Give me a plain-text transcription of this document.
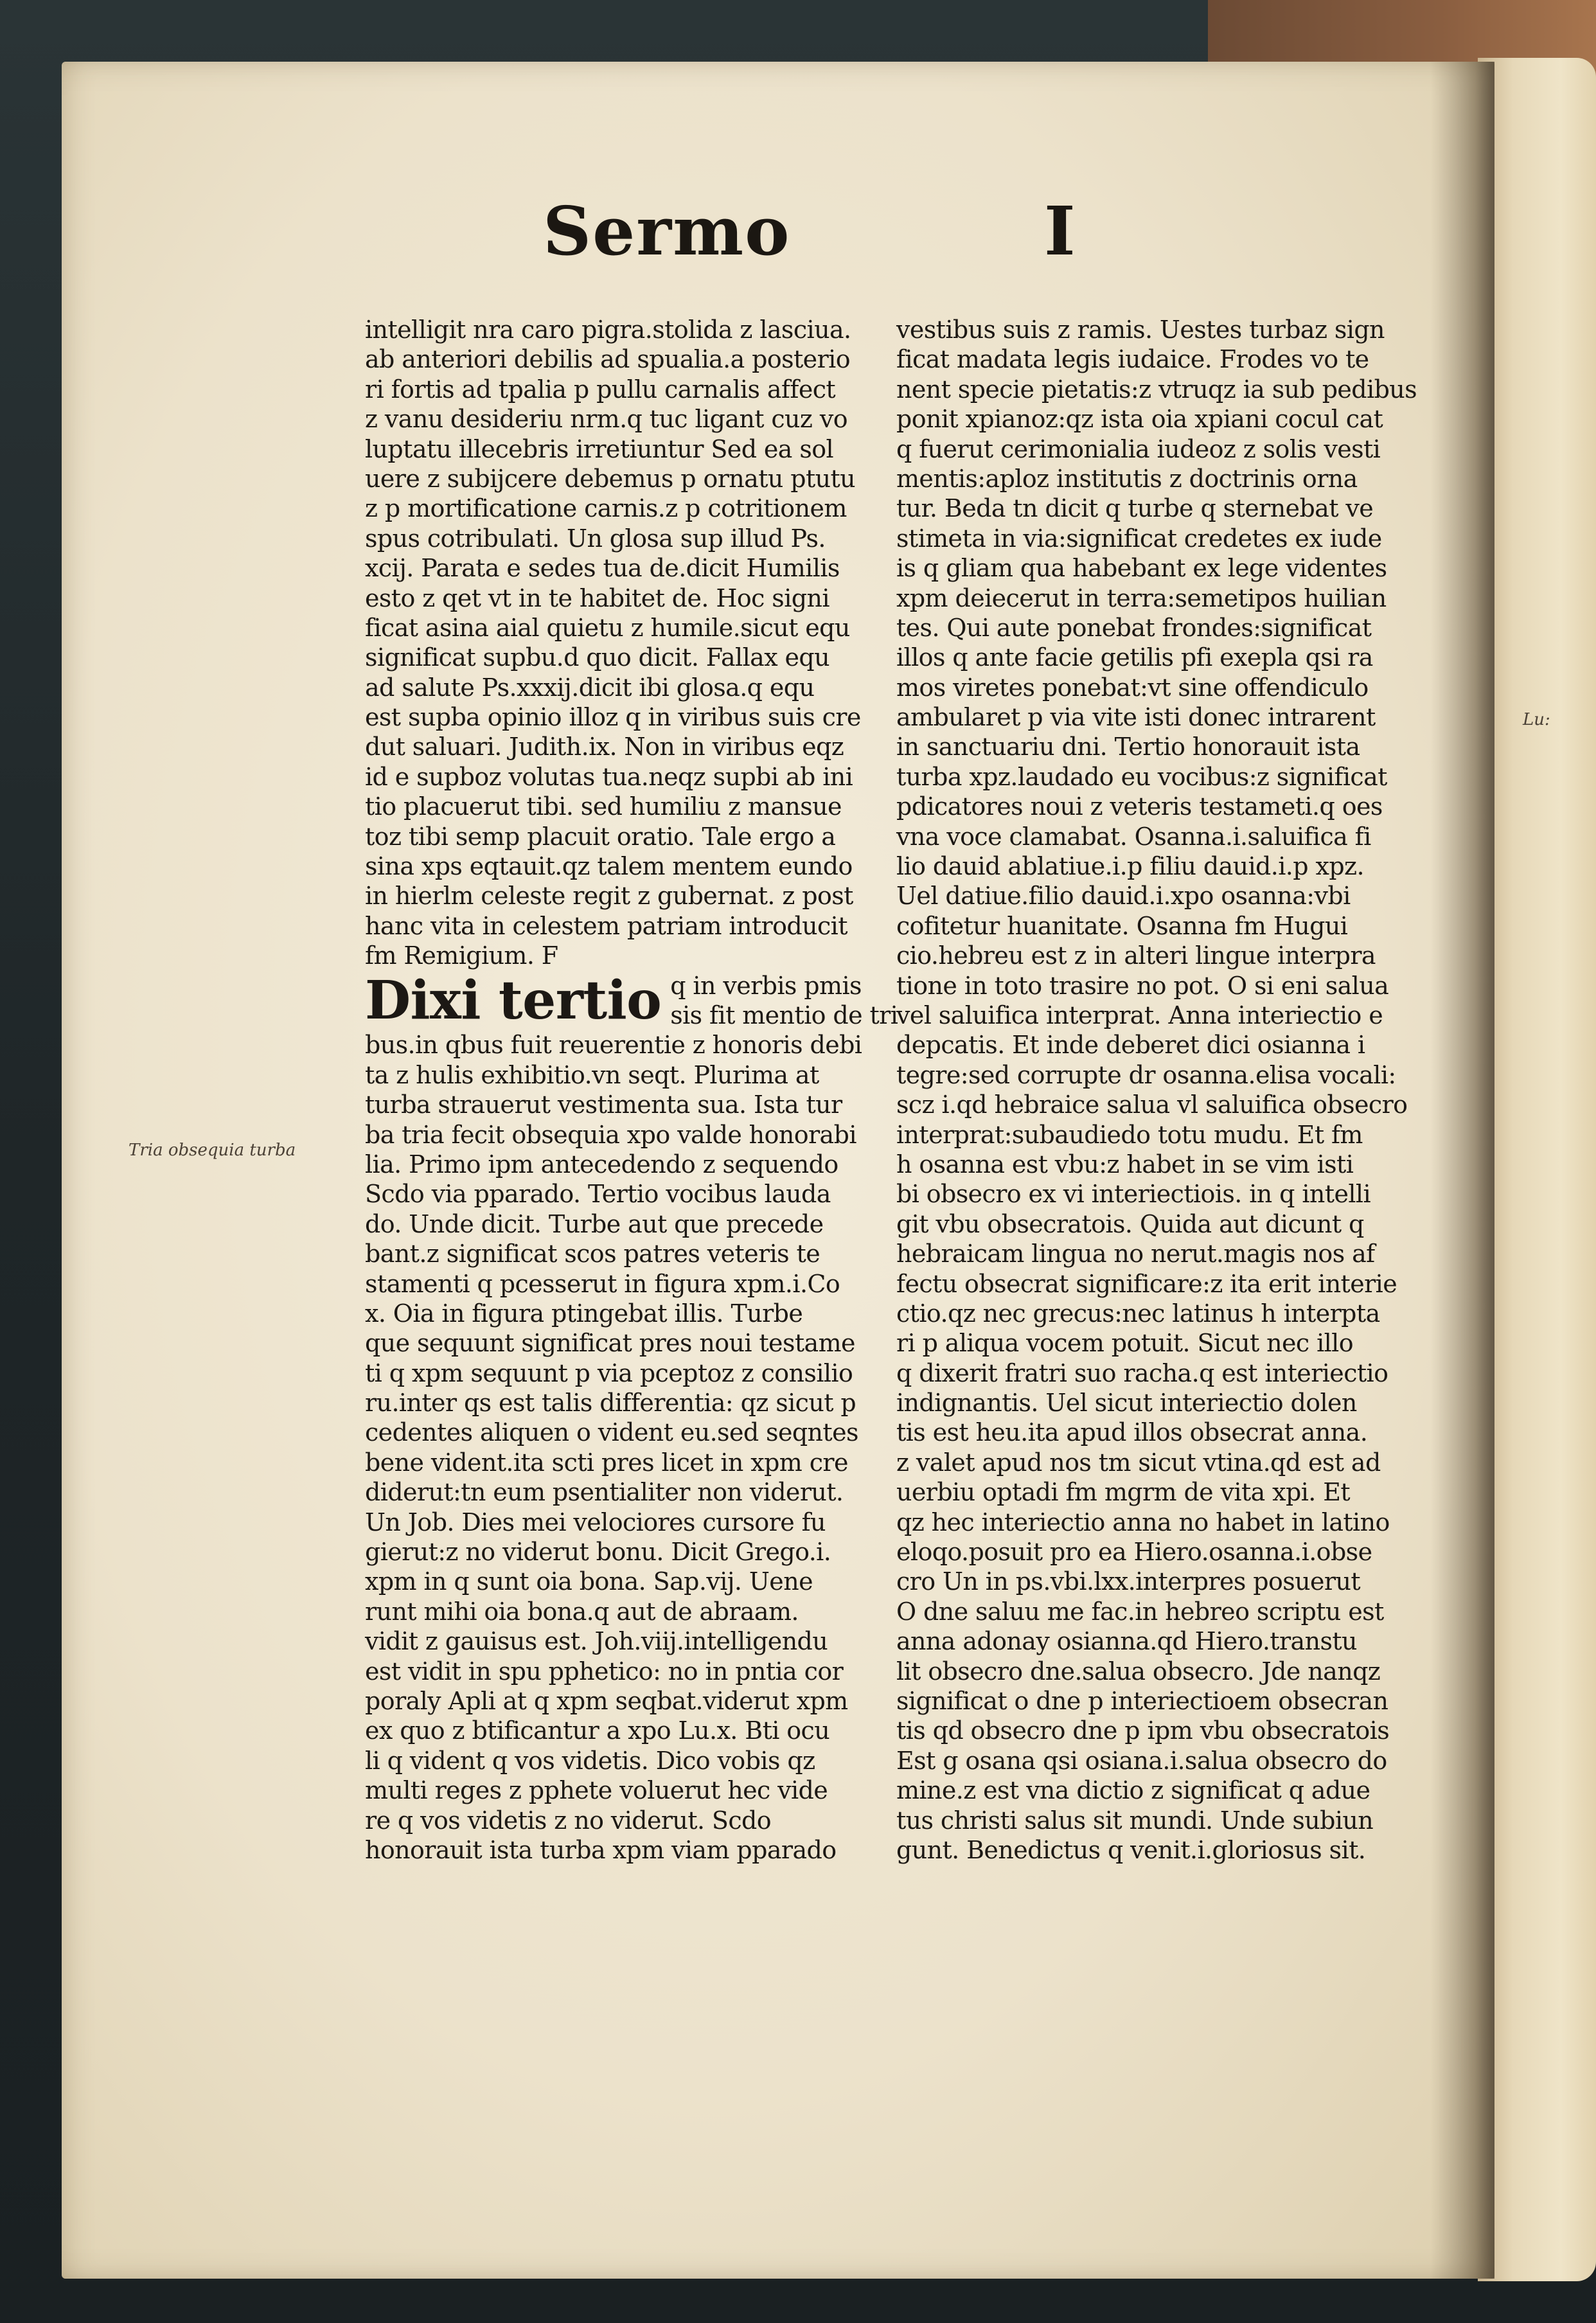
Sermo	I
Tria obsequia turba
Lu:
intelligit nra caro pigra.stolida z lasciua.
ab anteriori debilis ad spualia.a posterio
ri fortis ad tpalia p pullu carnalis affect
z vanu desideriu nrm.q tuc ligant cuz vo
luptatu illecebris irretiuntur Sed ea sol
uere z subijcere debemus p ornatu ptutu
z p mortificatione carnis.z p cotritionem
spus cotribulati. Un glosa sup illud Ps.
xcij. Parata e sedes tua de.dicit Humilis
esto z qet vt in te habitet de. Hoc signi
ficat asina aial quietu z humile.sicut equ
significat supbu.d quo dicit. Fallax equ
ad salute Ps.xxxij.dicit ibi glosa.q equ
est supba opinio illoz q in viribus suis cre
dut saluari. Judith.ix. Non in viribus eqz
id e supboz volutas tua.neqz supbi ab ini
tio placuerut tibi. sed humiliu z mansue
toz tibi semp placuit oratio. Tale ergo a
sina xps eqtauit.qz talem mentem eundo
in hierlm celeste regit z gubernat. z post
hanc vita in celestem patriam introducit
fm Remigium. F
Dixi tertio q in verbis pmis
sis fit mentio de tri
bus.in qbus fuit reuerentie z honoris debi
ta z hulis exhibitio.vn seqt. Plurima at
turba strauerut vestimenta sua. Ista tur
ba tria fecit obsequia xpo valde honorabi
lia. Primo ipm antecedendo z sequendo
Scdo via pparado. Tertio vocibus lauda
do. Unde dicit. Turbe aut que precede
bant.z significat scos patres veteris te
stamenti q pcesserut in figura xpm.i.Co
x. Oia in figura ptingebat illis. Turbe
que sequunt significat pres noui testame
ti q xpm sequunt p via pceptoz z consilio
ru.inter qs est talis differentia: qz sicut p
cedentes aliquen o vident eu.sed seqntes
bene vident.ita scti pres licet in xpm cre
diderut:tn eum psentialiter non viderut.
Un Job. Dies mei velociores cursore fu
gierut:z no viderut bonu. Dicit Grego.i.
xpm in q sunt oia bona. Sap.vij. Uene
runt mihi oia bona.q aut de abraam.
vidit z gauisus est. Joh.viij.intelligendu
est vidit in spu pphetico: no in pntia cor
poraly Apli at q xpm seqbat.viderut xpm
ex quo z btificantur a xpo Lu.x. Bti ocu
li q vident q vos videtis. Dico vobis qz
multi reges z pphete voluerut hec vide
re q vos videtis z no viderut. Scdo
honorauit ista turba xpm viam pparado
vestibus suis z ramis. Uestes turbaz sign
ficat madata legis iudaice. Frodes vo te
nent specie pietatis:z vtruqz ia sub pedibus
ponit xpianoz:qz ista oia xpiani cocul cat
q fuerut cerimonialia iudeoz z solis vesti
mentis:aploz institutis z doctrinis orna
tur. Beda tn dicit q turbe q sternebat ve
stimeta in via:significat credetes ex iude
is q gliam qua habebant ex lege videntes
xpm deiecerut in terra:semetipos huilian
tes. Qui aute ponebat frondes:significat
illos q ante facie getilis pfi exepla qsi ra
mos viretes ponebat:vt sine offendiculo
ambularet p via vite isti donec intrarent
in sanctuariu dni. Tertio honorauit ista
turba xpz.laudado eu vocibus:z significat
pdicatores noui z veteris testameti.q oes
vna voce clamabat. Osanna.i.saluifica fi
lio dauid ablatiue.i.p filiu dauid.i.p xpz.
Uel datiue.filio dauid.i.xpo osanna:vbi
cofitetur huanitate. Osanna fm Hugui
cio.hebreu est z in alteri lingue interpra
tione in toto trasire no pot. O si eni salua
vel saluifica interprat. Anna interiectio e
depcatis. Et inde deberet dici osianna i
tegre:sed corrupte dr osanna.elisa vocali:
scz i.qd hebraice salua vl saluifica obsecro
interprat:subaudiedo totu mudu. Et fm
h osanna est vbu:z habet in se vim isti
bi obsecro ex vi interiectiois. in q intelli
git vbu obsecratois. Quida aut dicunt q
hebraicam lingua no nerut.magis nos af
fectu obsecrat significare:z ita erit interie
ctio.qz nec grecus:nec latinus h interpta
ri p aliqua vocem potuit. Sicut nec illo
q dixerit fratri suo racha.q est interiectio
indignantis. Uel sicut interiectio dolen
tis est heu.ita apud illos obsecrat anna.
z valet apud nos tm sicut vtina.qd est ad
uerbiu optadi fm mgrm de vita xpi. Et
qz hec interiectio anna no habet in latino
eloqo.posuit pro ea Hiero.osanna.i.obse
cro Un in ps.vbi.lxx.interpres posuerut
O dne saluu me fac.in hebreo scriptu est
anna adonay osianna.qd Hiero.transtu
lit obsecro dne.salua obsecro. Jde nanqz
significat o dne p interiectioem obsecran
tis qd obsecro dne p ipm vbu obsecratois
Est g osana qsi osiana.i.salua obsecro do
mine.z est vna dictio z significat q adue
tus christi salus sit mundi. Unde subiun
gunt. Benedictus q venit.i.gloriosus sit.
